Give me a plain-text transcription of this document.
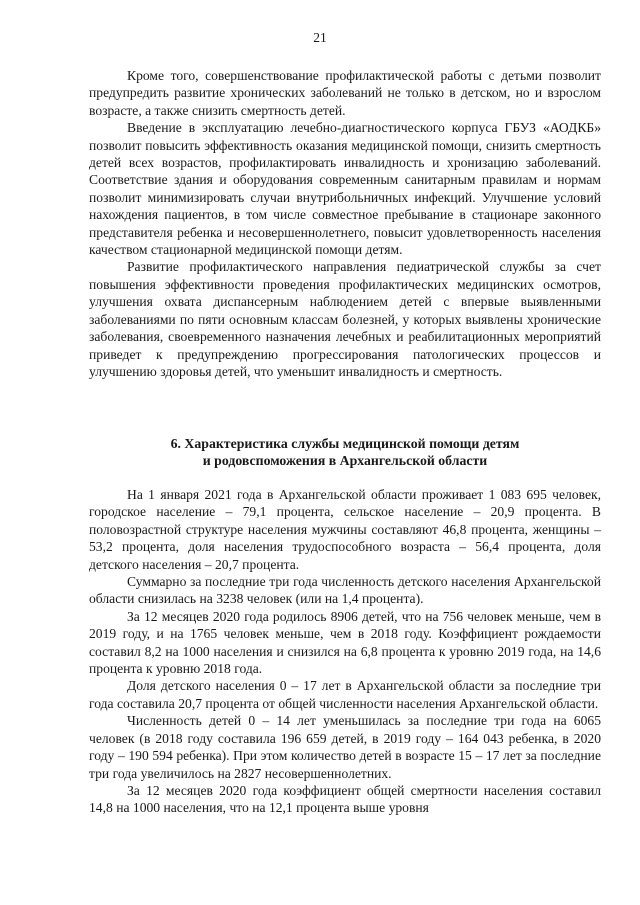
21

Кроме того, совершенствование профилактической работы с детьми позволит предупредить развитие хронических заболеваний не только в детском, но и взрослом возрасте, а также снизить смертность детей.

Введение в эксплуатацию лечебно-диагностического корпуса ГБУЗ «АОДКБ» позволит повысить эффективность оказания медицинской помощи, снизить смертность детей всех возрастов, профилактировать инвалидность и хронизацию заболеваний. Соответствие здания и оборудования современным санитарным правилам и нормам позволит минимизировать случаи внутрибольничных инфекций. Улучшение условий нахождения пациентов, в том числе совместное пребывание в стационаре законного представителя ребенка и несовершеннолетнего, повысит удовлетворенность населения качеством стационарной медицинской помощи детям.

Развитие профилактического направления педиатрической службы за счет повышения эффективности проведения профилактических медицинских осмотров, улучшения охвата диспансерным наблюдением детей с впервые выявленными заболеваниями по пяти основным классам болезней, у которых выявлены хронические заболевания, своевременного назначения лечебных и реабилитационных мероприятий приведет к предупреждению прогрессирования патологических процессов и улучшению здоровья детей, что уменьшит инвалидность и смертность.

6. Характеристика службы медицинской помощи детям
и родовспоможения в Архангельской области

На 1 января 2021 года в Архангельской области проживает 1 083 695 человек, городское население – 79,1 процента, сельское население – 20,9 процента. В половозрастной структуре населения мужчины составляют 46,8 процента, женщины – 53,2 процента, доля населения трудоспособного возраста – 56,4 процента, доля детского населения – 20,7 процента.

Суммарно за последние три года численность детского населения Архангельской области снизилась на 3238 человек (или на 1,4 процента).

За 12 месяцев 2020 года родилось 8906 детей, что на 756 человек меньше, чем в 2019 году, и на 1765 человек меньше, чем в 2018 году. Коэффициент рождаемости составил 8,2 на 1000 населения и снизился на 6,8 процента к уровню 2019 года, на 14,6 процента к уровню 2018 года.

Доля детского населения 0 – 17 лет в Архангельской области за последние три года составила 20,7 процента от общей численности населения Архангельской области.

Численность детей 0 – 14 лет уменьшилась за последние три года на 6065 человек (в 2018 году составила 196 659 детей, в 2019 году – 164 043 ребенка, в 2020 году – 190 594 ребенка). При этом количество детей в возрасте 15 – 17 лет за последние три года увеличилось на 2827 несовершеннолетних.

За 12 месяцев 2020 года коэффициент общей смертности населения составил 14,8 на 1000 населения, что на 12,1 процента выше уровня
